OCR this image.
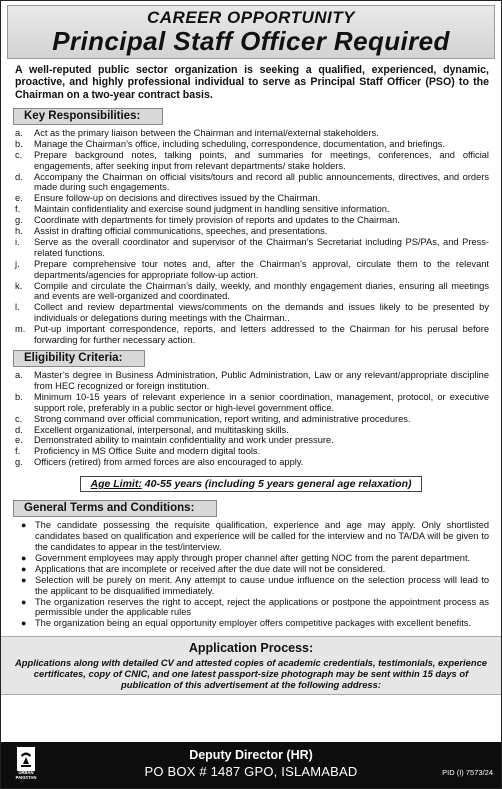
CAREER OPPORTUNITY
Principal Staff Officer Required

A well-reputed public sector organization is seeking a qualified, experienced, dynamic, proactive, and highly professional individual to serve as Principal Staff Officer (PSO) to the Chairman on a two-year contract basis.

Key Responsibilities:
a. Act as the primary liaison between the Chairman and internal/external stakeholders.
b. Manage the Chairman’s office, including scheduling, correspondence, documentation, and briefings.
c. Prepare background notes, talking points, and summaries for meetings, conferences, and official engagements, after seeking input from relevant departments/ stake holders.
d. Accompany the Chairman on official visits/tours and record all public announcements, directives, and orders made during such engagements.
e. Ensure follow-up on decisions and directives issued by the Chairman.
f. Maintain confidentiality and exercise sound judgment in handling sensitive information.
g. Coordinate with departments for timely provision of reports and updates to the Chairman.
h. Assist in drafting official communications, speeches, and presentations.
i. Serve as the overall coordinator and supervisor of the Chairman’s Secretariat including PS/PAs, and Press-related functions.
j. Prepare comprehensive tour notes and, after the Chairman’s approval, circulate them to the relevant departments/agencies for appropriate follow-up action.
k. Compile and circulate the Chairman’s daily, weekly, and monthly engagement diaries, ensuring all meetings and events are well-organized and coordinated.
l. Collect and review departmental views/comments on the demands and issues likely to be presented by individuals or delegations during meetings with the Chairman..
m. Put-up important correspondence, reports, and letters addressed to the Chairman for his perusal before forwarding for further necessary action.
Eligibility Criteria:
a. Master’s degree in Business Administration, Public Administration, Law or any relevant/appropriate discipline from HEC recognized or foreign institution.
b. Minimum 10-15 years of relevant experience in a senior coordination, management, protocol, or executive support role, preferably in a public sector or high-level government office.
c. Strong command over official communication, report writing, and administrative procedures.
d. Excellent organizational, interpersonal, and multitasking skills.
e. Demonstrated ability to maintain confidentiality and work under pressure.
f. Proficiency in MS Office Suite and modern digital tools.
g. Officers (retired) from armed forces are also encouraged to apply.
Age Limit: 40-55 years (including 5 years general age relaxation)
General Terms and Conditions:
● The candidate possessing the requisite qualification, experience and age may apply. Only shortlisted candidates based on qualification and experience will be called for the interview and no TA/DA will be given to the candidates to appear in the test/interview.
● Government employees may apply through proper channel after getting NOC from the parent department.
● Applications that are incomplete or received after the due date will not be considered.
● Selection will be purely on merit. Any attempt to cause undue influence on the selection process will lead to the applicant to be disqualified immediately.
● The organization reserves the right to accept, reject the applications or postpone the appointment process as permissible under the applicable rules
● The organization being an equal opportunity employer offers competitive packages with excellent benefits.
Application Process:
Applications along with detailed CV and attested copies of academic credentials, testimonials, experience certificates, copy of CNIC, and one latest passport-size photograph may be sent within 15 days of publication of this advertisement at the following address:
URBAN
PAKISTAN
Deputy Director (HR)
PO BOX # 1487 GPO, ISLAMABAD	PID (I) 7573/24
